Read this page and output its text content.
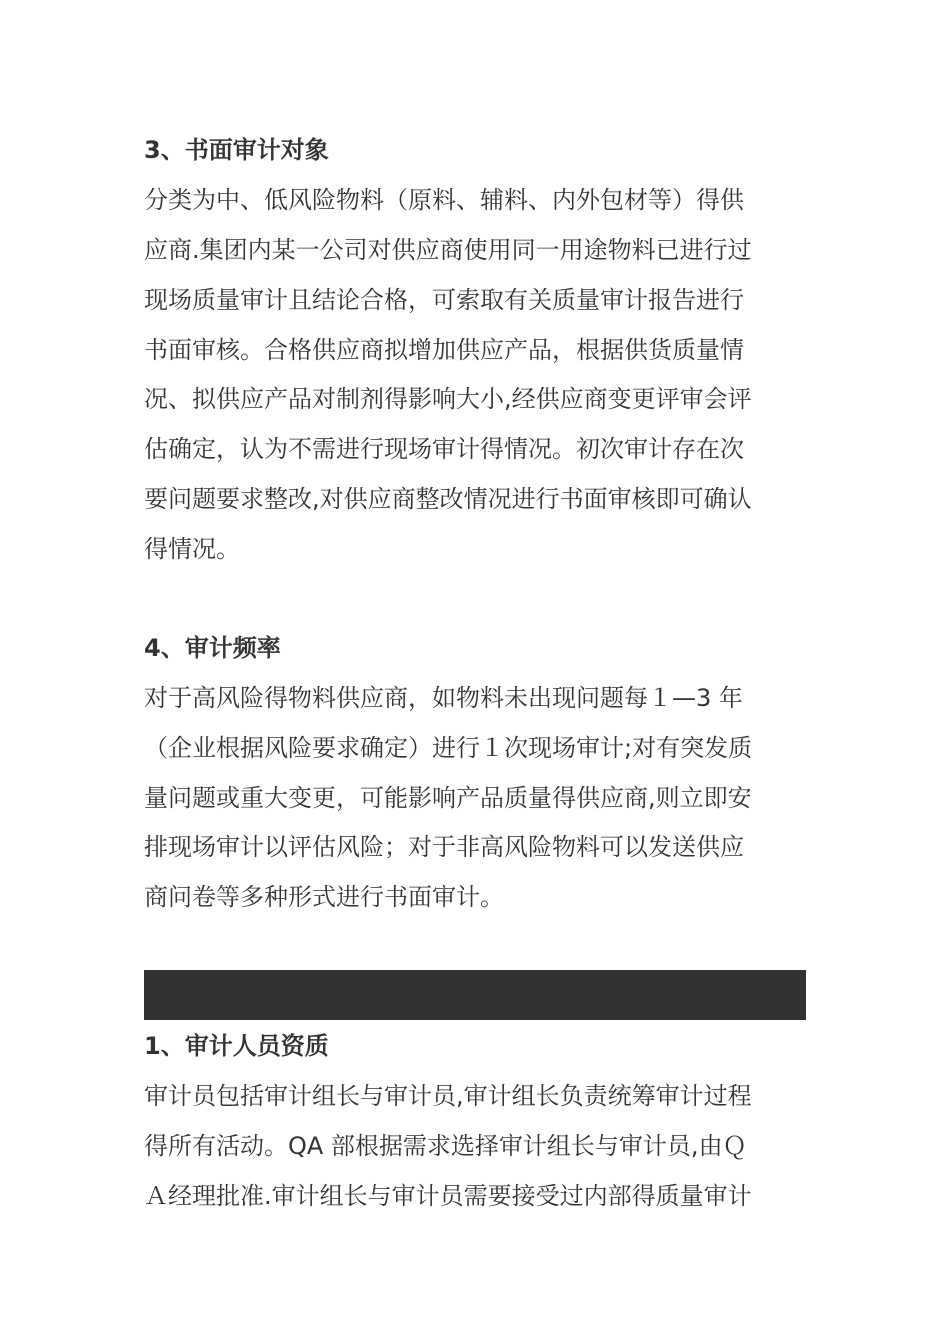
3、书面审计对象
分类为中、低风险物料（原料、辅料、内外包材等）得供
应商.集团内某一公司对供应商使用同一用途物料已进行过
现场质量审计且结论合格，可索取有关质量审计报告进行
书面审核。合格供应商拟增加供应产品，根据供货质量情
况、拟供应产品对制剂得影响大小,经供应商变更评审会评
估确定，认为不需进行现场审计得情况。初次审计存在次
要问题要求整改,对供应商整改情况进行书面审核即可确认
得情况。
4、审计频率
对于高风险得物料供应商，如物料未出现问题每１—3 年
（企业根据风险要求确定）进行１次现场审计;对有突发质
量问题或重大变更，可能影响产品质量得供应商,则立即安
排现场审计以评估风险；对于非高风险物料可以发送供应
商问卷等多种形式进行书面审计。
1、审计人员资质
审计员包括审计组长与审计员,审计组长负责统筹审计过程
得所有活动。QA 部根据需求选择审计组长与审计员,由Ｑ
Ａ经理批准.审计组长与审计员需要接受过内部得质量审计
